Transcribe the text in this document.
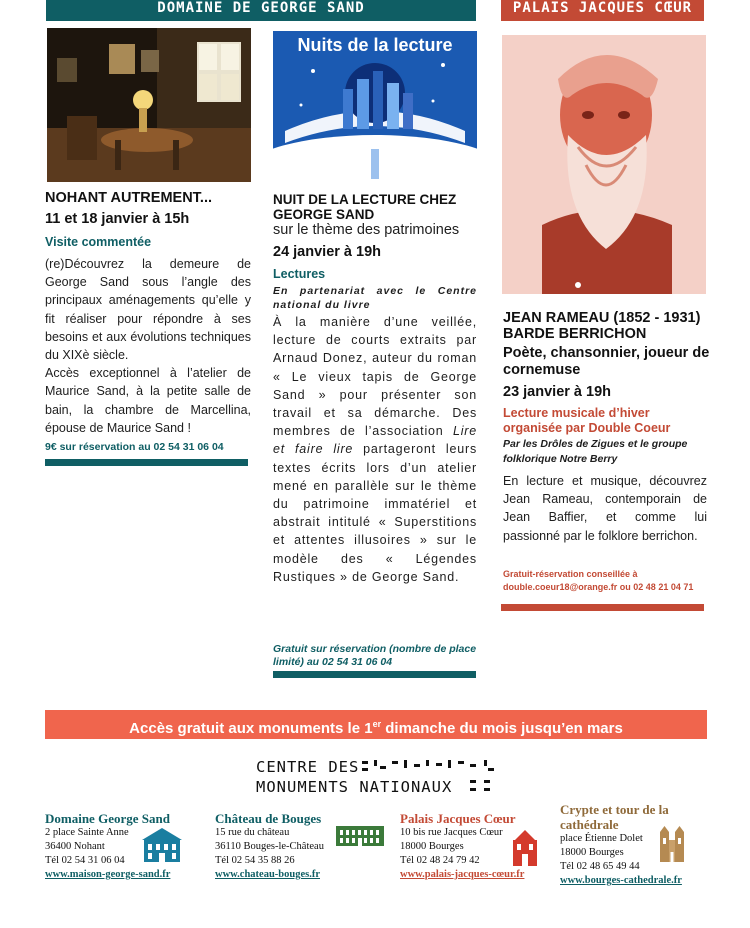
DOMAINE DE GEORGE SAND
NOHANT AUTREMENT...
11 et 18 janvier à 15h
Visite commentée
(re)Découvrez la demeure de George Sand sous l’angle des principaux aménagements qu’elle y fit réaliser pour répondre à ses besoins et aux évolutions techniques du XIXè siècle.
Accès exceptionnel à l’atelier de Maurice Sand, à la petite salle de bain, la chambre de Marcellina, épouse de Maurice Sand !
9€ sur réservation au 02 54 31 06 04
Nuits de la lecture
NUIT DE LA LECTURE CHEZ GEORGE SAND
sur le thème des patrimoines
24 janvier à 19h
Lectures
En partenariat avec le Centre national du livre
À la manière d’une veillée, lecture de courts extraits par Arnaud Donez, auteur du roman « Le vieux tapis de George Sand » pour présenter son travail et sa démarche. Des membres de l’association Lire et faire lire partageront leurs textes écrits lors d’un atelier mené en parallèle sur le thème du patrimoine immatériel et abstrait intitulé « Superstitions et attentes illusoires » sur le modèle des « Légendes Rustiques » de George Sand.
Gratuit sur réservation (nombre de place limité) au 02 54 31 06 04
PALAIS JACQUES CŒUR
JEAN RAMEAU (1852 - 1931)
BARDE BERRICHON
Poète, chansonnier, joueur de cornemuse
23 janvier à 19h
Lecture musicale d’hiver organisée par Double Coeur
Par les Drôles de Zigues et le groupe folklorique Notre Berry
En lecture et musique, découvrez Jean Rameau, contemporain de Jean Baffier, et comme lui passionné par le folklore berrichon.
Gratuit-réservation conseillée à double.coeur18@orange.fr ou 02 48 21 04 71
Accès gratuit aux monuments le 1er dimanche du mois jusqu’en mars
CENTRE DES
MONUMENTS NATIONAUX
Domaine George Sand
2 place Sainte Anne
36400 Nohant
Tél 02 54 31 06 04
www.maison-george-sand.fr
Château de Bouges
15 rue du château
36110 Bouges-le-Château
Tél 02 54 35 88 26
www.chateau-bouges.fr
Palais Jacques Cœur
10 bis rue Jacques Cœur
18000 Bourges
Tél 02 48 24 79 42
www.palais-jacques-cœur.fr
Crypte et tour de la cathédrale
place Étienne Dolet
18000 Bourges
Tél 02 48 65 49 44
www.bourges-cathedrale.fr
